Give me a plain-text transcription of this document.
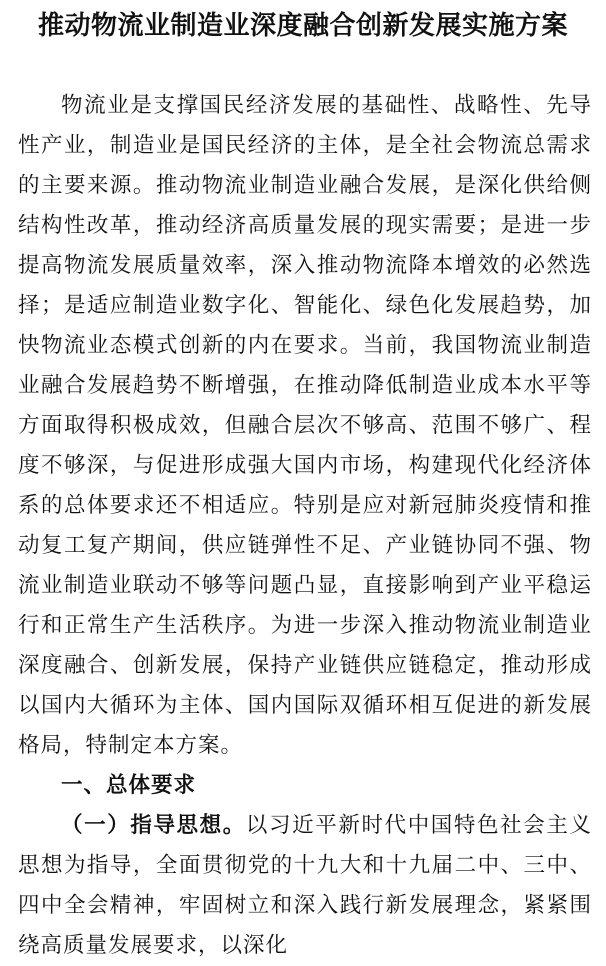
推动物流业制造业深度融合创新发展实施方案

物流业是支撑国民经济发展的基础性、战略性、先导性产业，制造业是国民经济的主体，是全社会物流总需求的主要来源。推动物流业制造业融合发展，是深化供给侧结构性改革，推动经济高质量发展的现实需要；是进一步提高物流发展质量效率，深入推动物流降本增效的必然选择；是适应制造业数字化、智能化、绿色化发展趋势，加快物流业态模式创新的内在要求。当前，我国物流业制造业融合发展趋势不断增强，在推动降低制造业成本水平等方面取得积极成效，但融合层次不够高、范围不够广、程度不够深，与促进形成强大国内市场，构建现代化经济体系的总体要求还不相适应。特别是应对新冠肺炎疫情和推动复工复产期间，供应链弹性不足、产业链协同不强、物流业制造业联动不够等问题凸显，直接影响到产业平稳运行和正常生产生活秩序。为进一步深入推动物流业制造业深度融合、创新发展，保持产业链供应链稳定，推动形成以国内大循环为主体、国内国际双循环相互促进的新发展格局，特制定本方案。

一、总体要求

（一）指导思想。以习近平新时代中国特色社会主义思想为指导，全面贯彻党的十九大和十九届二中、三中、四中全会精神，牢固树立和深入践行新发展理念，紧紧围绕高质量发展要求，以深化
